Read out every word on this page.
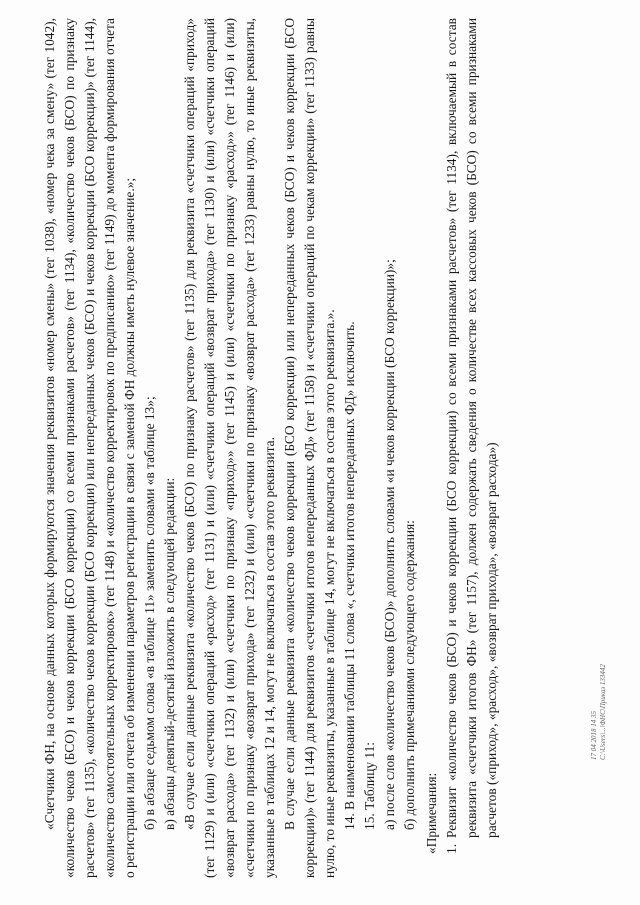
«Счетчики ФН, на основе данных которых формируются значения реквизитов «номер смены» (тег 1038), «номер чека за смену» (тег 1042), «количество чеков (БСО) и чеков коррекции (БСО коррекции) со всеми признаками расчетов» (тег 1134), «количество чеков (БСО) по признаку расчетов» (тег 1135), «количество чеков коррекции (БСО коррекции) или непереданных чеков (БСО) и чеков коррекции (БСО коррекции)» (тег 1144), «количество самостоятельных корректировок» (тег 1148) и «количество корректировок по предписанию» (тег 1149) до момента формирования отчета о регистрации или отчета об изменении параметров регистрации в связи с заменой ФН должны иметь нулевое значение.»; б) в абзаце седьмом слова «в таблице 11» заменить словами «в таблице 13»; в) абзацы девятый-десятый изложить в следующей редакции: «В случае если данные реквизита «количество чеков (БСО) по признаку расчетов» (тег 1135) для реквизита «счетчики операций «приход» (тег 1129) и (или) «счетчики операций «расход» (тег 1131) и (или) «счетчики операций «возврат прихода» (тег 1130) и (или) «счетчики операций «возврат расхода» (тег 1132) и (или) «счетчики по признаку «приход»» (тег 1145) и (или) «счетчики по признаку «расход»» (тег 1146) и (или) «счетчики по признаку «возврат прихода» (тег 1232) и (или) «счетчики по признаку «возврат расхода» (тег 1233) равны нулю, то иные реквизиты, указанные в таблицах 12 и 14, могут не включаться в состав этого реквизита. В случае если данные реквизита «количество чеков коррекции (БСО коррекции) или непереданных чеков (БСО) и чеков коррекции (БСО коррекции)» (тег 1144) для реквизитов «счетчики итогов непереданных ФД» (тег 1158) и «счетчики операций по чекам коррекции» (тег 1133) равны нулю, то иные реквизиты, указанные в таблице 14, могут не включаться в состав этого реквизита.». 14. В наименовании таблицы 11 слова «, счетчики итогов непереданных ФД» исключить. 15. Таблицу 11: а) после слов «количество чеков (БСО)» дополнить словами «и чеков коррекции (БСО коррекции)»; б) дополнить примечаниями следующего содержания: «Примечания: 1.
Реквизит «количество чеков (БСО) и чеков коррекции (БСО коррекции) со всеми признаками расчетов» (тег 1134), включаемый в состав реквизита «счетчики итогов ФН» (тег 1157), должен содержать сведения о количестве всех кассовых чеков (БСО) со всеми признаками расчетов («приход», «расход», «возврат прихода», «возврат расхода»)	17 04 2018 14 35 С:\Users\...\ФНС\Приказ 133442
